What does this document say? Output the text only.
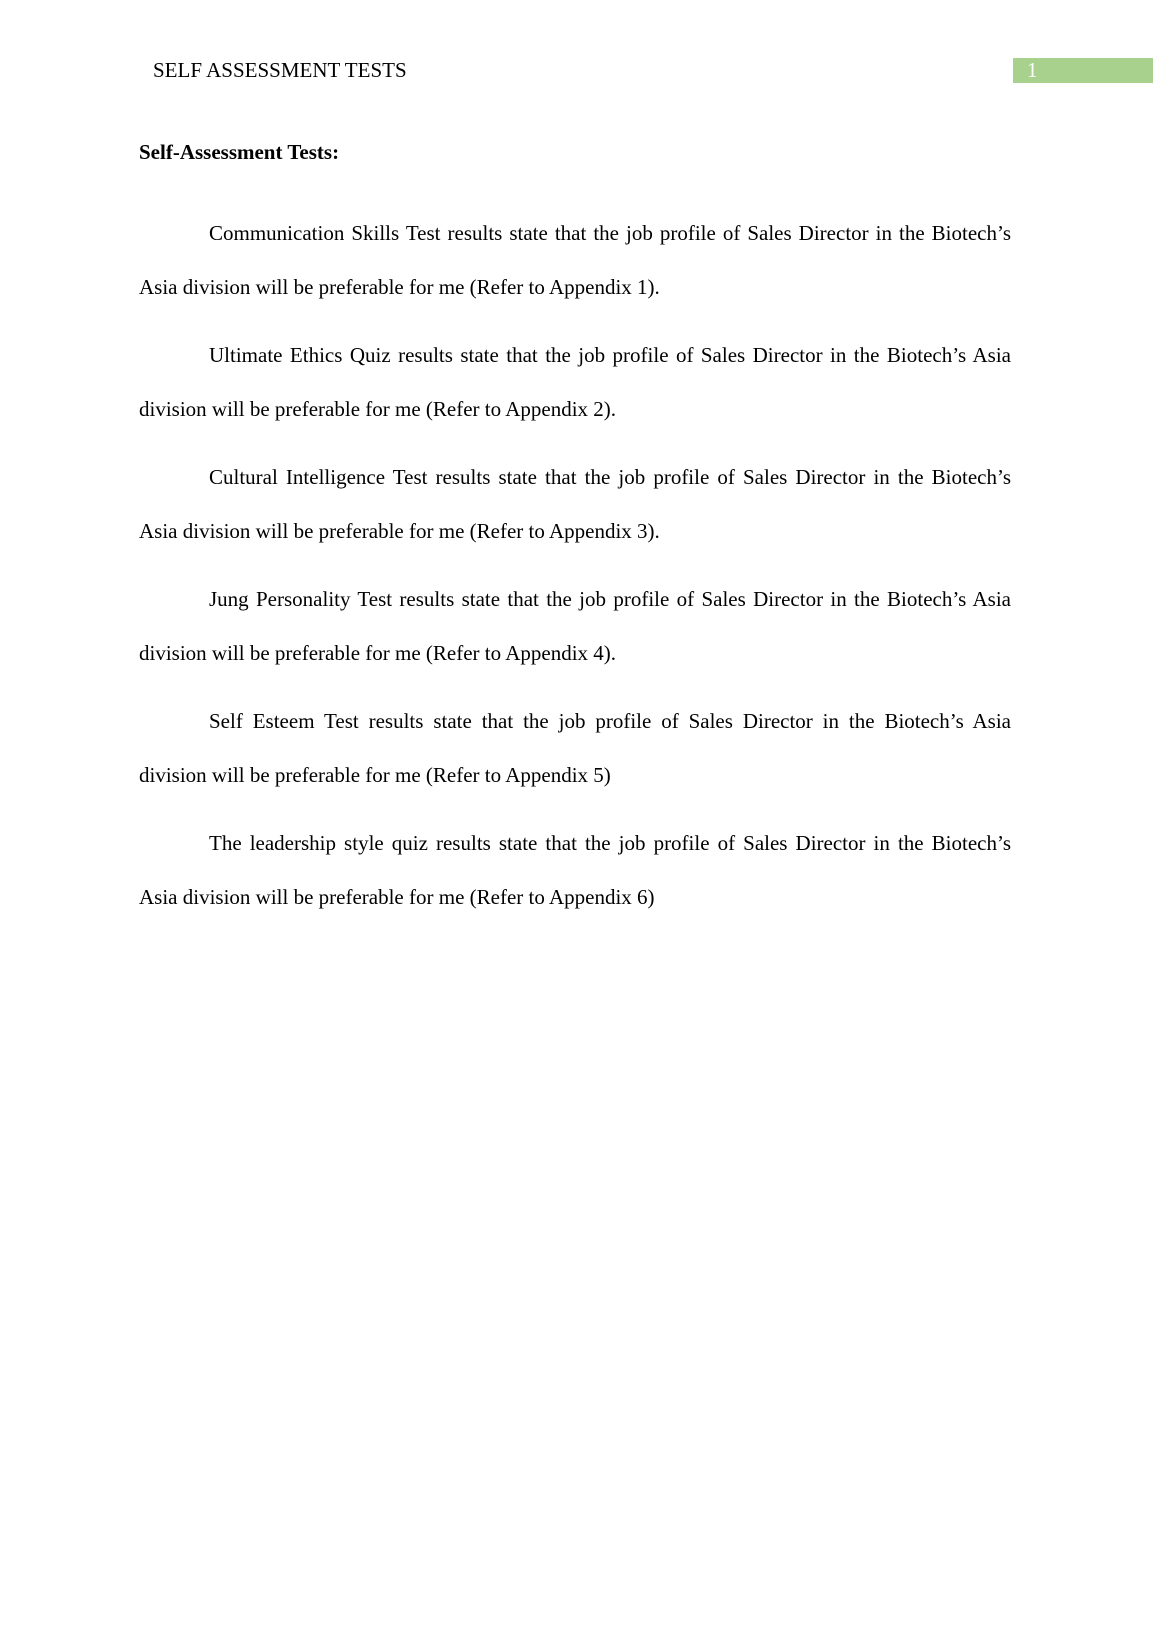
SELF ASSESSMENT TESTS	1
Self-Assessment Tests:

Communication Skills Test results state that the job profile of Sales Director in the Biotech’s Asia division will be preferable for me (Refer to Appendix 1).

Ultimate Ethics Quiz results state that the job profile of Sales Director in the Biotech’s Asia division will be preferable for me (Refer to Appendix 2).

Cultural Intelligence Test results state that the job profile of Sales Director in the Biotech’s Asia division will be preferable for me (Refer to Appendix 3).

Jung Personality Test results state that the job profile of Sales Director in the Biotech’s Asia division will be preferable for me (Refer to Appendix 4).

Self Esteem Test results state that the job profile of Sales Director in the Biotech’s Asia division will be preferable for me (Refer to Appendix 5)

The leadership style quiz results state that the job profile of Sales Director in the Biotech’s Asia division will be preferable for me (Refer to Appendix 6)
